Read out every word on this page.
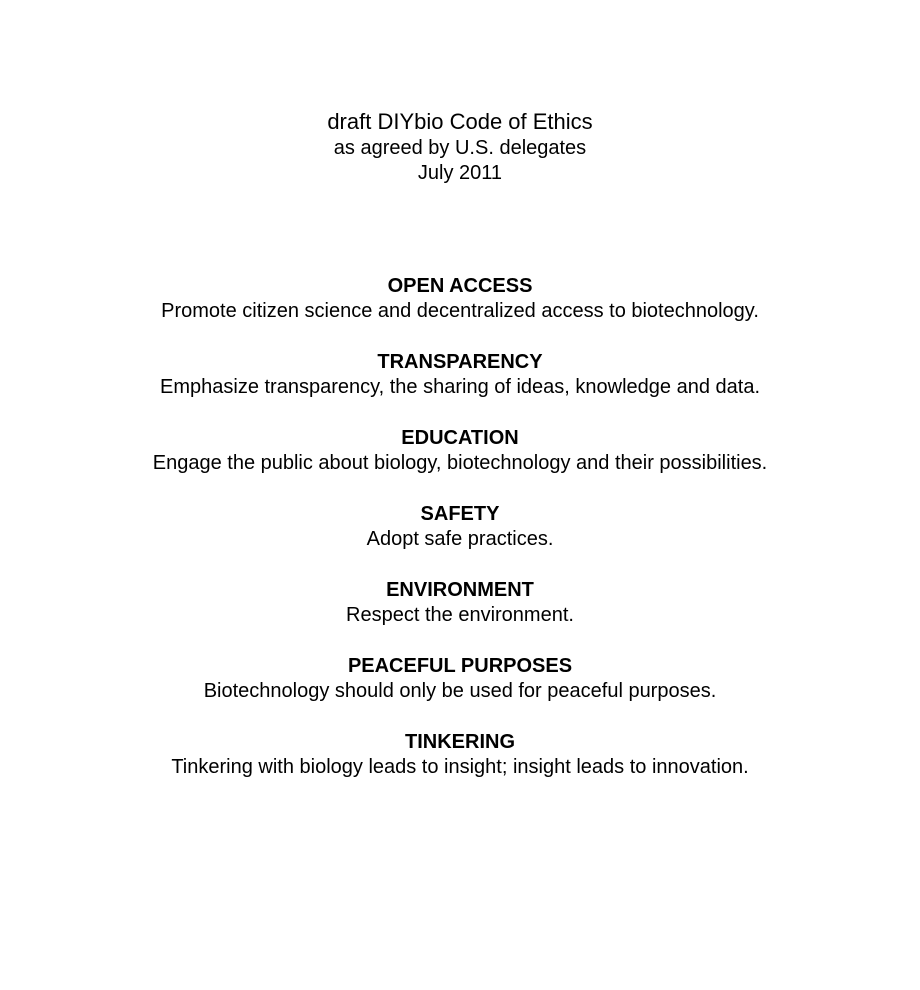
draft DIYbio Code of Ethics

as agreed by U.S. delegates

July 2011

OPEN ACCESS

Promote citizen science and decentralized access to biotechnology.

TRANSPARENCY

Emphasize transparency, the sharing of ideas, knowledge and data.

EDUCATION

Engage the public about biology, biotechnology and their possibilities.

SAFETY

Adopt safe practices.

ENVIRONMENT

Respect the environment.

PEACEFUL PURPOSES

Biotechnology should only be used for peaceful purposes.

TINKERING

Tinkering with biology leads to insight; insight leads to innovation.
